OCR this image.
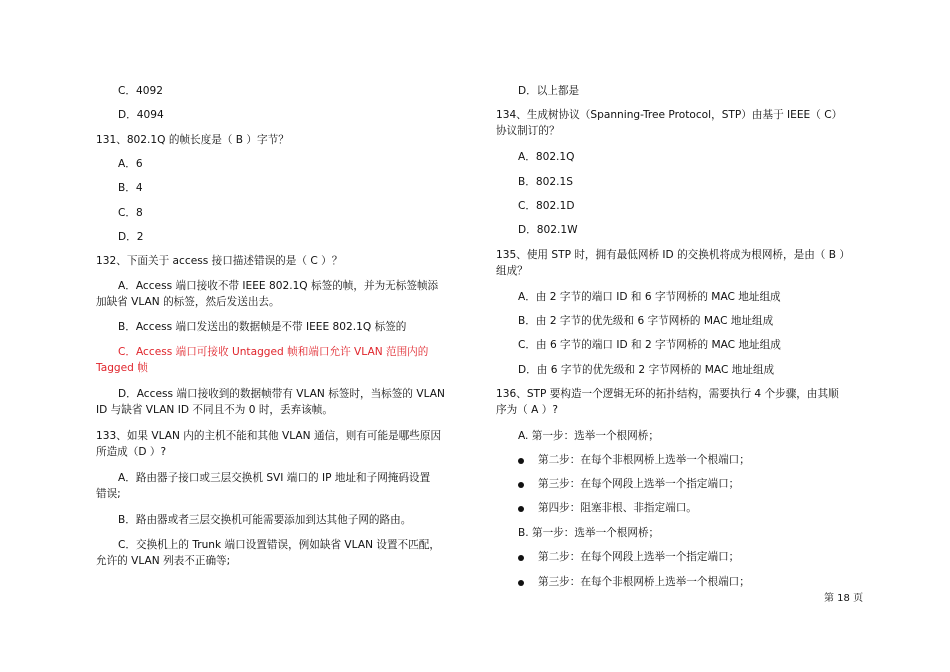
C．4092
D．4094
131、802.1Q 的帧长度是（ B ）字节？
A．6
B．4
C．8
D．2
132、下面关于 access 接口描述错误的是（ C ）？
A．Access 端口接收不带 IEEE 802.1Q 标签的帧，并为无标签帧添
加缺省 VLAN 的标签，然后发送出去。
B．Access 端口发送出的数据帧是不带 IEEE 802.1Q 标签的
C．Access 端口可接收 Untagged 帧和端口允许 VLAN 范围内的
Tagged 帧
D．Access 端口接收到的数据帧带有 VLAN 标签时，当标签的 VLAN
ID 与缺省 VLAN ID 不同且不为 0 时，丢弃该帧。
133、如果 VLAN 内的主机不能和其他 VLAN 通信，则有可能是哪些原因
所造成（D ）?
A．路由器子接口或三层交换机 SVI 端口的 IP 地址和子网掩码设置
错误;
B．路由器或者三层交换机可能需要添加到达其他子网的路由。
C．交换机上的 Trunk 端口设置错误，例如缺省 VLAN 设置不匹配，
允许的 VLAN 列表不正确等;
D．以上都是
134、生成树协议（Spanning-Tree Protocol，STP）由基于 IEEE（ C）
协议制订的？
A．802.1Q
B．802.1S
C．802.1D
D．802.1W
135、使用 STP 时，拥有最低网桥 ID 的交换机将成为根网桥，是由（ B ）
组成？
A．由 2 字节的端口 ID 和 6 字节网桥的 MAC 地址组成
B．由 2 字节的优先级和 6 字节网桥的 MAC 地址组成
C．由 6 字节的端口 ID 和 2 字节网桥的 MAC 地址组成
D．由 6 字节的优先级和 2 字节网桥的 MAC 地址组成
136、STP 要构造一个逻辑无环的拓扑结构，需要执行 4 个步骤，由其顺
序为（ A ）?
A. 第一步：选举一个根网桥；
第二步：在每个非根网桥上选举一个根端口；
第三步：在每个网段上选举一个指定端口；
第四步：阻塞非根、非指定端口。
B. 第一步：选举一个根网桥；
第二步：在每个网段上选举一个指定端口；
第三步：在每个非根网桥上选举一个根端口；
第 18 页
